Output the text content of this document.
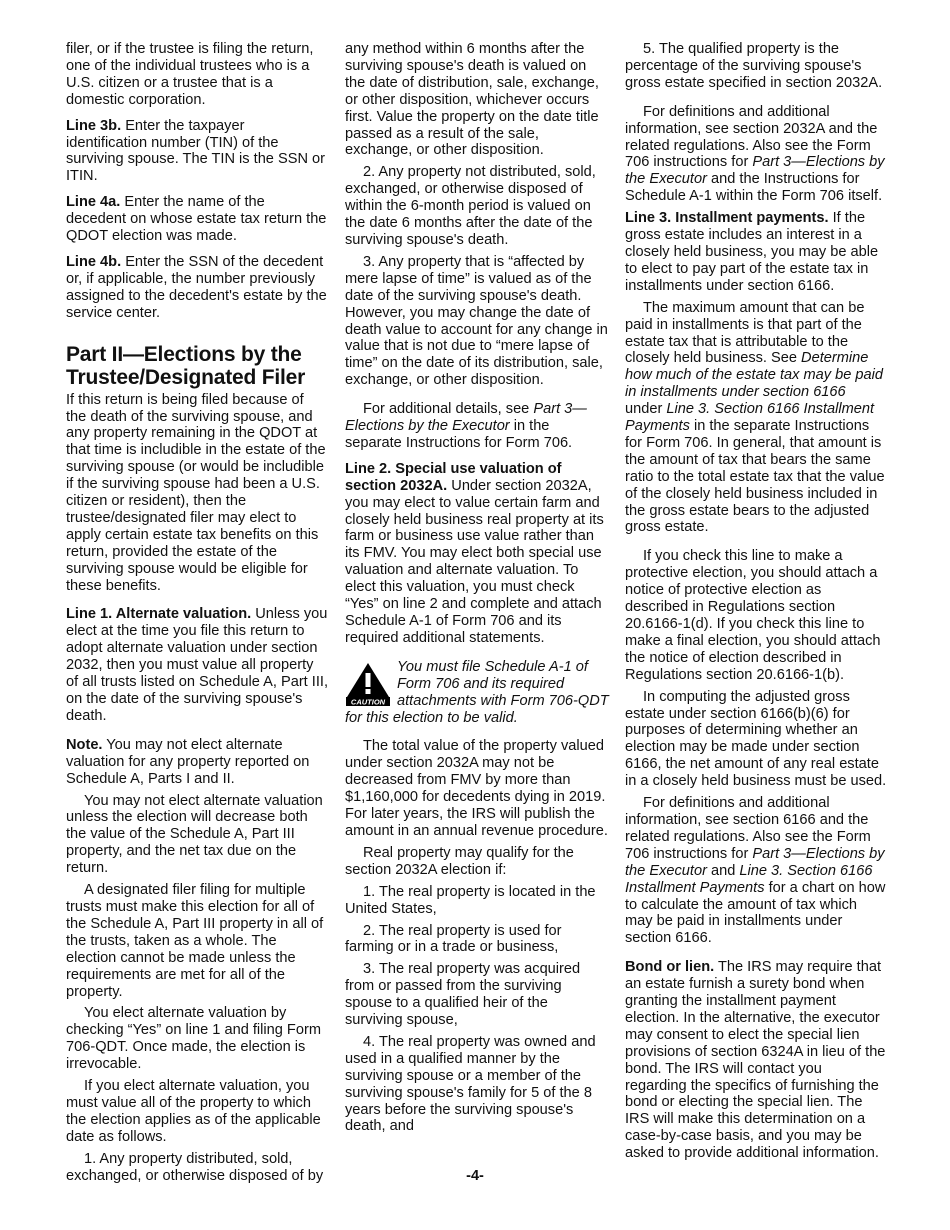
filer, or if the trustee is filing the return, one of the individual trustees who is a U.S. citizen or a trustee that is a domestic corporation.

Line 3b. Enter the taxpayer identification number (TIN) of the surviving spouse. The TIN is the SSN or ITIN.

Line 4a. Enter the name of the decedent on whose estate tax return the QDOT election was made.

Line 4b. Enter the SSN of the decedent or, if applicable, the number previously assigned to the decedent's estate by the service center.

Part II—Elections by the Trustee/Designated Filer

If this return is being filed because of the death of the surviving spouse, and any property remaining in the QDOT at that time is includible in the estate of the surviving spouse (or would be includible if the surviving spouse had been a U.S. citizen or resident), then the trustee/designated filer may elect to apply certain estate tax benefits on this return, provided the estate of the surviving spouse would be eligible for these benefits.

Line 1. Alternate valuation. Unless you elect at the time you file this return to adopt alternate valuation under section 2032, then you must value all property of all trusts listed on Schedule A, Part III, on the date of the surviving spouse's death.

Note. You may not elect alternate valuation for any property reported on Schedule A, Parts I and II.

You may not elect alternate valuation unless the election will decrease both the value of the Schedule A, Part III property, and the net tax due on the return.

A designated filer filing for multiple trusts must make this election for all of the Schedule A, Part III property in all of the trusts, taken as a whole. The election cannot be made unless the requirements are met for all of the property.

You elect alternate valuation by checking “Yes” on line 1 and filing Form 706-QDT. Once made, the election is irrevocable.

If you elect alternate valuation, you must value all of the property to which the election applies as of the applicable date as follows.

1. Any property distributed, sold, exchanged, or otherwise disposed of by

any method within 6 months after the surviving spouse's death is valued on the date of distribution, sale, exchange, or other disposition, whichever occurs first. Value the property on the date title passed as a result of the sale, exchange, or other disposition.

2. Any property not distributed, sold, exchanged, or otherwise disposed of within the 6-month period is valued on the date 6 months after the date of the surviving spouse's death.

3. Any property that is “affected by mere lapse of time” is valued as of the date of the surviving spouse's death. However, you may change the date of death value to account for any change in value that is not due to “mere lapse of time” on the date of its distribution, sale, exchange, or other disposition.

For additional details, see Part 3—Elections by the Executor in the separate Instructions for Form 706.

Line 2. Special use valuation of section 2032A. Under section 2032A, you may elect to value certain farm and closely held business real property at its farm or business use value rather than its FMV. You may elect both special use valuation and alternate valuation. To elect this valuation, you must check “Yes” on line 2 and complete and attach Schedule A-1 of Form 706 and its required additional statements.

CAUTION
You must file Schedule A-1 of Form 706 and its required attachments with Form 706-QDT for this election to be valid.

The total value of the property valued under section 2032A may not be decreased from FMV by more than $1,160,000 for decedents dying in 2019. For later years, the IRS will publish the amount in an annual revenue procedure.

Real property may qualify for the section 2032A election if:

1. The real property is located in the United States,

2. The real property is used for farming or in a trade or business,

3. The real property was acquired from or passed from the surviving spouse to a qualified heir of the surviving spouse,

4. The real property was owned and used in a qualified manner by the surviving spouse or a member of the surviving spouse's family for 5 of the 8 years before the surviving spouse's death, and

5. The qualified property is the percentage of the surviving spouse's gross estate specified in section 2032A.

For definitions and additional information, see section 2032A and the related regulations. Also see the Form 706 instructions for Part 3—Elections by the Executor and the Instructions for Schedule A-1 within the Form 706 itself.

Line 3. Installment payments. If the gross estate includes an interest in a closely held business, you may be able to elect to pay part of the estate tax in installments under section 6166.

The maximum amount that can be paid in installments is that part of the estate tax that is attributable to the closely held business. See Determine how much of the estate tax may be paid in installments under section 6166 under Line 3. Section 6166 Installment Payments in the separate Instructions for Form 706. In general, that amount is the amount of tax that bears the same ratio to the total estate tax that the value of the closely held business included in the gross estate bears to the adjusted gross estate.

If you check this line to make a protective election, you should attach a notice of protective election as described in Regulations section 20.6166-1(d). If you check this line to make a final election, you should attach the notice of election described in Regulations section 20.6166-1(b).

In computing the adjusted gross estate under section 6166(b)(6) for purposes of determining whether an election may be made under section 6166, the net amount of any real estate in a closely held business must be used.

For definitions and additional information, see section 6166 and the related regulations. Also see the Form 706 instructions for Part 3—Elections by the Executor and Line 3. Section 6166 Installment Payments for a chart on how to calculate the amount of tax which may be paid in installments under section 6166.

Bond or lien. The IRS may require that an estate furnish a surety bond when granting the installment payment election. In the alternative, the executor may consent to elect the special lien provisions of section 6324A in lieu of the bond. The IRS will contact you regarding the specifics of furnishing the bond or electing the special lien. The IRS will make this determination on a case-by-case basis, and you may be asked to provide additional information.

-4-
